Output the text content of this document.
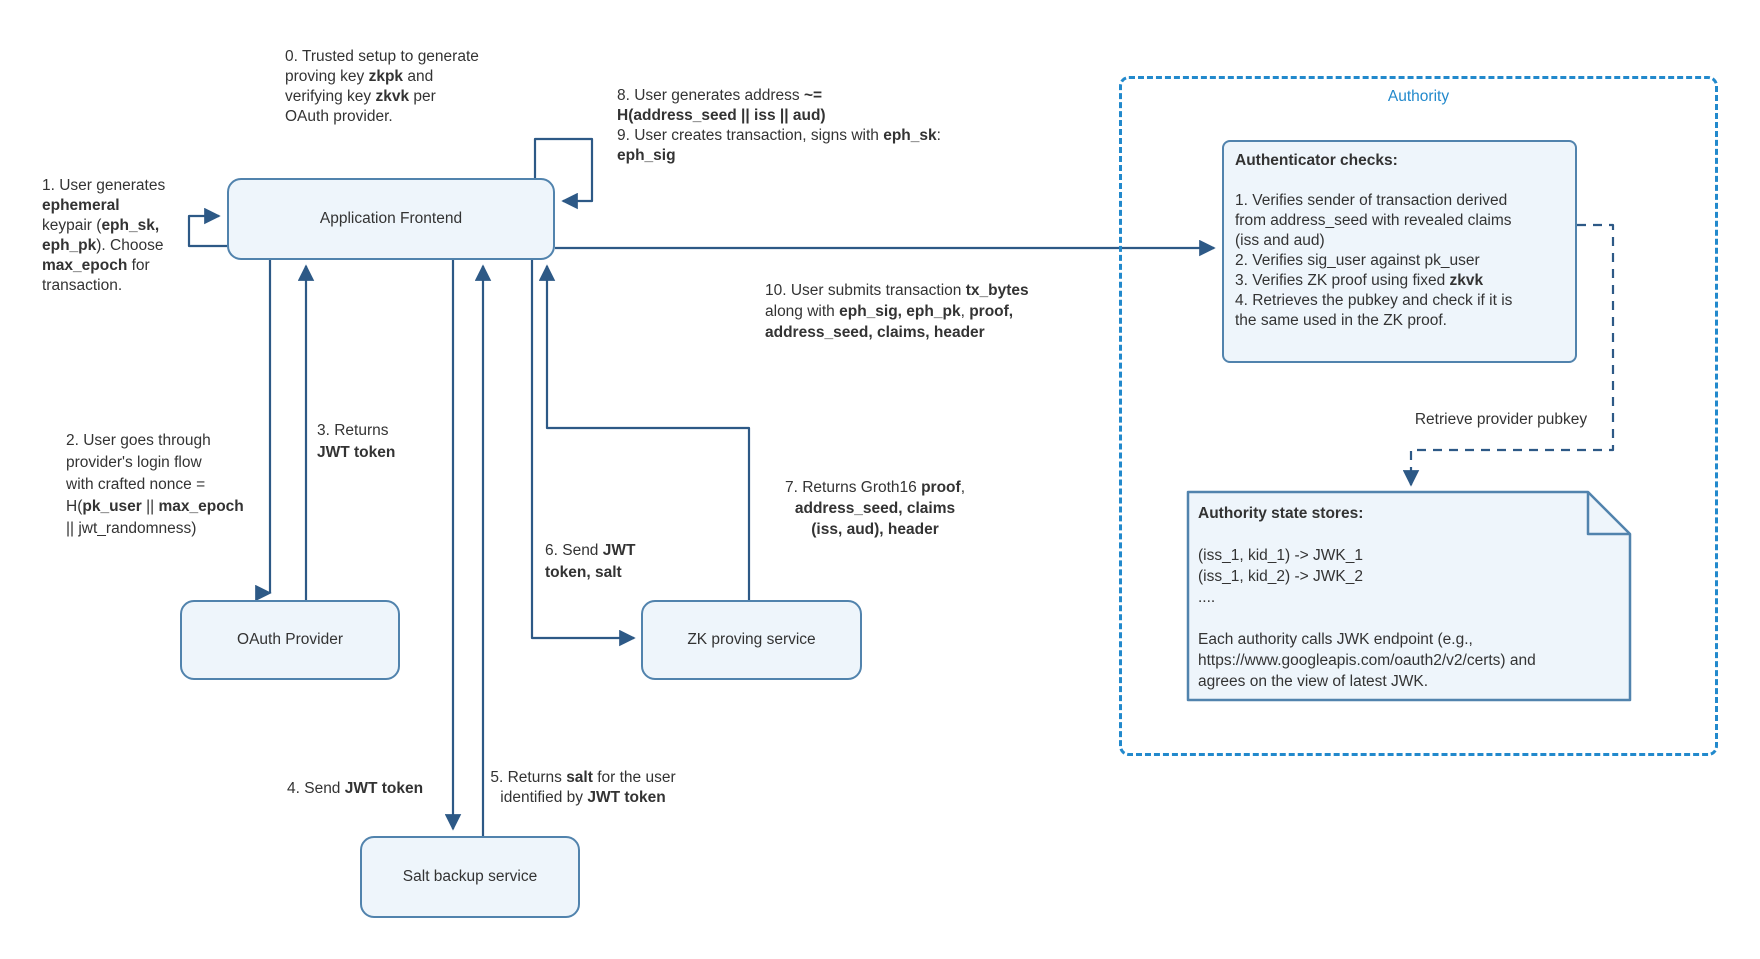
Authority
Application Frontend
OAuth Provider	ZK proving service
Salt backup service
Authenticator checks:
1. Verifies sender of transaction derived
from address_seed with revealed claims
(iss and aud)
2. Verifies sig_user against pk_user
3. Verifies ZK proof using fixed zkvk
4. Retrieves the pubkey and check if it is
the same used in the ZK proof.
Authority state stores:
(iss_1, kid_1) -> JWK_1
(iss_1, kid_2) -> JWK_2
....

Each authority calls JWK endpoint (e.g.,
https://www.googleapis.com/oauth2/v2/certs) and
agrees on the view of latest JWK.
0. Trusted setup to generate
proving key zkpk and
verifying key zkvk per
OAuth provider.
1. User generates
ephemeral
keypair (eph_sk,
eph_pk). Choose
max_epoch for
transaction.
2. User goes through
provider's login flow
with crafted nonce =
H(pk_user || max_epoch
|| jwt_randomness)
3. Returns
JWT token
4. Send JWT token
5. Returns salt for the user
identified by JWT token
6. Send JWT
token, salt
7. Returns Groth16 proof,
address_seed, claims
(iss, aud), header
8. User generates address ~=
H(address_seed || iss || aud)
9. User creates transaction, signs with eph_sk:
eph_sig
10. User submits transaction tx_bytes
along with eph_sig, eph_pk, proof,
address_seed, claims, header
Retrieve provider pubkey
